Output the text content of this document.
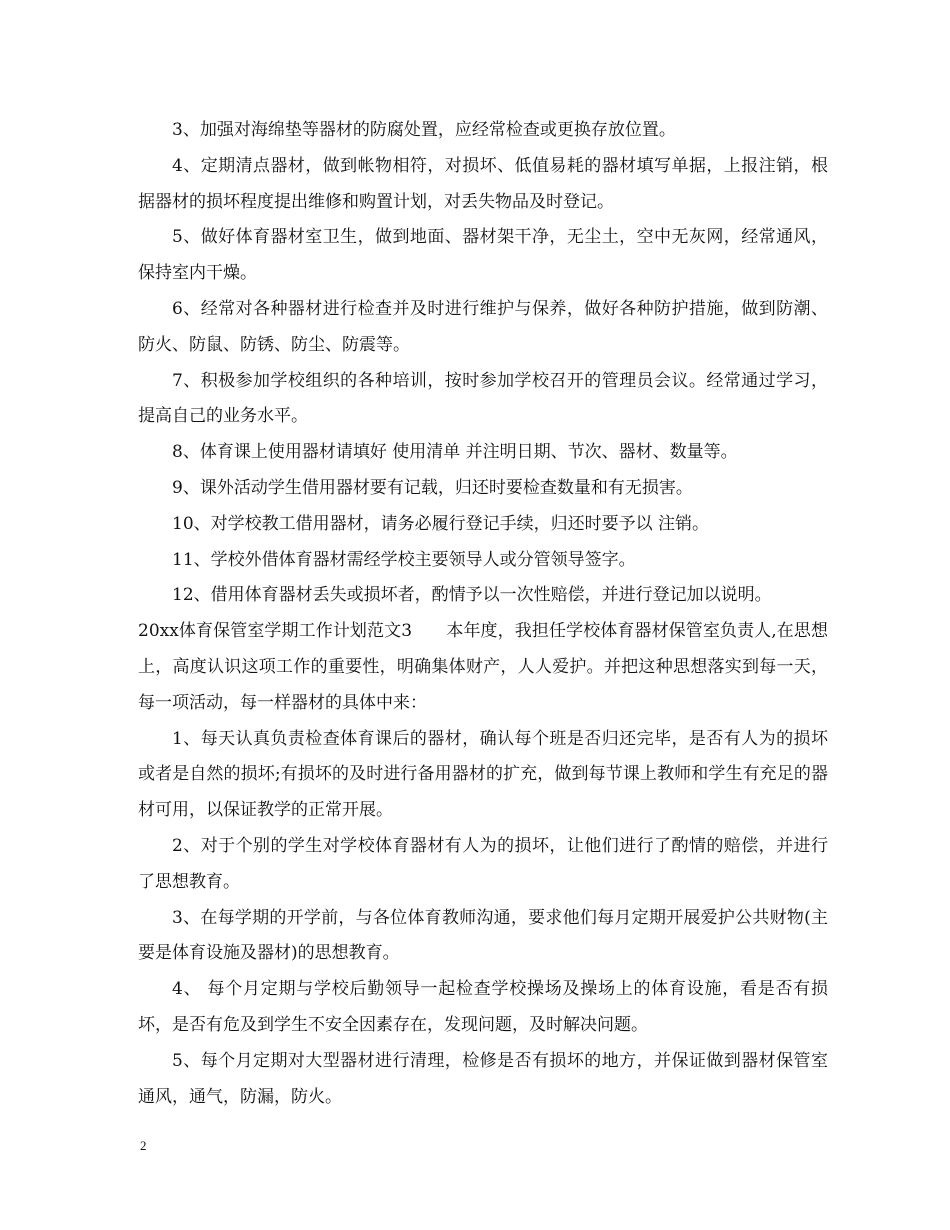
3、加强对海绵垫等器材的防腐处置，应经常检查或更换存放位置。

4、定期清点器材，做到帐物相符，对损坏、低值易耗的器材填写单据，上报注销，根据器材的损坏程度提出维修和购置计划，对丢失物品及时登记。

5、做好体育器材室卫生，做到地面、器材架干净，无尘土，空中无灰网，经常通风，保持室内干燥。

6、经常对各种器材进行检查并及时进行维护与保养，做好各种防护措施，做到防潮、防火、防鼠、防锈、防尘、防震等。

7、积极参加学校组织的各种培训，按时参加学校召开的管理员会议。经常通过学习，提高自己的业务水平。

8、体育课上使用器材请填好 使用清单 并注明日期、节次、器材、数量等。

9、课外活动学生借用器材要有记载，归还时要检查数量和有无损害。

10、对学校教工借用器材，请务必履行登记手续，归还时要予以 注销。

11、学校外借体育器材需经学校主要领导人或分管领导签字。

12、借用体育器材丢失或损坏者，酌情予以一次性赔偿，并进行登记加以说明。

20xx体育保管室学期工作计划范文3　　本年度，我担任学校体育器材保管室负责人,在思想上，高度认识这项工作的重要性，明确集体财产，人人爱护。并把这种思想落实到每一天，每一项活动，每一样器材的具体中来：

1、每天认真负责检查体育课后的器材，确认每个班是否归还完毕，是否有人为的损坏或者是自然的损坏;有损坏的及时进行备用器材的扩充，做到每节课上教师和学生有充足的器材可用，以保证教学的正常开展。

2、对于个别的学生对学校体育器材有人为的损坏，让他们进行了酌情的赔偿，并进行了思想教育。

3、在每学期的开学前，与各位体育教师沟通，要求他们每月定期开展爱护公共财物(主要是体育设施及器材)的思想教育。

4、 每个月定期与学校后勤领导一起检查学校操场及操场上的体育设施，看是否有损坏，是否有危及到学生不安全因素存在，发现问题，及时解决问题。

5、每个月定期对大型器材进行清理，检修是否有损坏的地方，并保证做到器材保管室通风，通气，防漏，防火。

2
